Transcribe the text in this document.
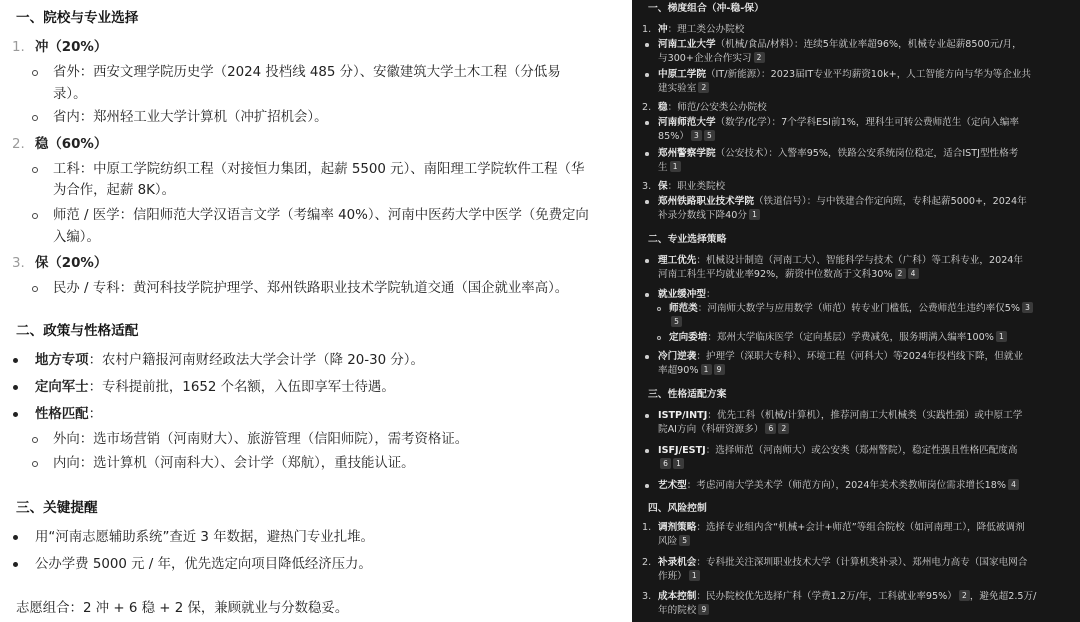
一、院校与专业选择
1. 冲（20%）
省外：西安文理学院历史学（2024 投档线 485 分）、安徽建筑大学土木工程（分低易
录）。
省内：郑州轻工业大学计算机（冲扩招机会）。
2. 稳（60%）
工科：中原工学院纺织工程（对接恒力集团，起薪 5500 元）、南阳理工学院软件工程（华
为合作，起薪 8K）。
师范 / 医学：信阳师范大学汉语言文学（考编率 40%）、河南中医药大学中医学（免费定向
入编）。
3. 保（20%）
民办 / 专科：黄河科技学院护理学、郑州铁路职业技术学院轨道交通（国企就业率高）。
二、政策与性格适配
地方专项：农村户籍报河南财经政法大学会计学（降 20-30 分）。
定向军士：专科提前批，1652 个名额，入伍即享军士待遇。
性格匹配：
外向：选市场营销（河南财大）、旅游管理（信阳师院），需考资格证。
内向：选计算机（河南科大）、会计学（郑航），重技能认证。
三、关键提醒
用“河南志愿辅助系统”查近 3 年数据，避热门专业扎堆。
公办学费 5000 元 / 年，优先选定向项目降低经济压力。
志愿组合：2 冲 + 6 稳 + 2 保，兼顾就业与分数稳妥。
一、梯度组合（冲-稳-保）
1. 冲：理工类公办院校
河南工业大学（机械/食品/材料）：连续5年就业率超96%，机械专业起薪8500元/月，
与300+企业合作实习 2
中原工学院（IT/新能源）：2023届IT专业平均薪资10k+，人工智能方向与华为等企业共
建实验室 2
2. 稳：师范/公安类公办院校
河南师范大学（数学/化学）：7个学科ESI前1%，理科生可转公费师范生（定向入编率
85%） 3 5
郑州警察学院（公安技术）：入警率95%，铁路公安系统岗位稳定，适合ISTJ型性格考
生 1
3. 保：职业类院校
郑州铁路职业技术学院（铁道信号）：与中铁建合作定向班，专科起薪5000+，2024年
补录分数线下降40分 1
二、专业选择策略
理工优先：机械设计制造（河南工大）、智能科学与技术（广科）等工科专业，2024年
河南工科生平均就业率92%，薪资中位数高于文科30% 2 4
就业缓冲型：
师范类：河南师大数学与应用数学（师范）转专业门槛低，公费师范生违约率仅5% 3
5
定向委培：郑州大学临床医学（定向基层）学费减免，服务期满入编率100% 1
冷门逆袭：护理学（深职大专科）、环境工程（河科大）等2024年投档线下降，但就业
率超90% 1 9
三、性格适配方案
ISTP/INTJ：优先工科（机械/计算机），推荐河南工大机械类（实践性强）或中原工学
院AI方向（科研资源多） 6 2
ISFJ/ESTJ：选择师范（河南师大）或公安类（郑州警院），稳定性强且性格匹配度高
6 1
艺术型：考虑河南大学美术学（师范方向），2024年美术类教师岗位需求增长18% 4
四、风险控制
1. 调剂策略：选择专业组内含“机械+会计+师范”等组合院校（如河南理工），降低被调剂
风险 5
2. 补录机会：专科批关注深圳职业技术大学（计算机类补录）、郑州电力高专（国家电网合
作班） 1
3. 成本控制：民办院校优先选择广科（学费1.2万/年，工科就业率95%） 2 ，避免超2.5万/
年的院校 9
